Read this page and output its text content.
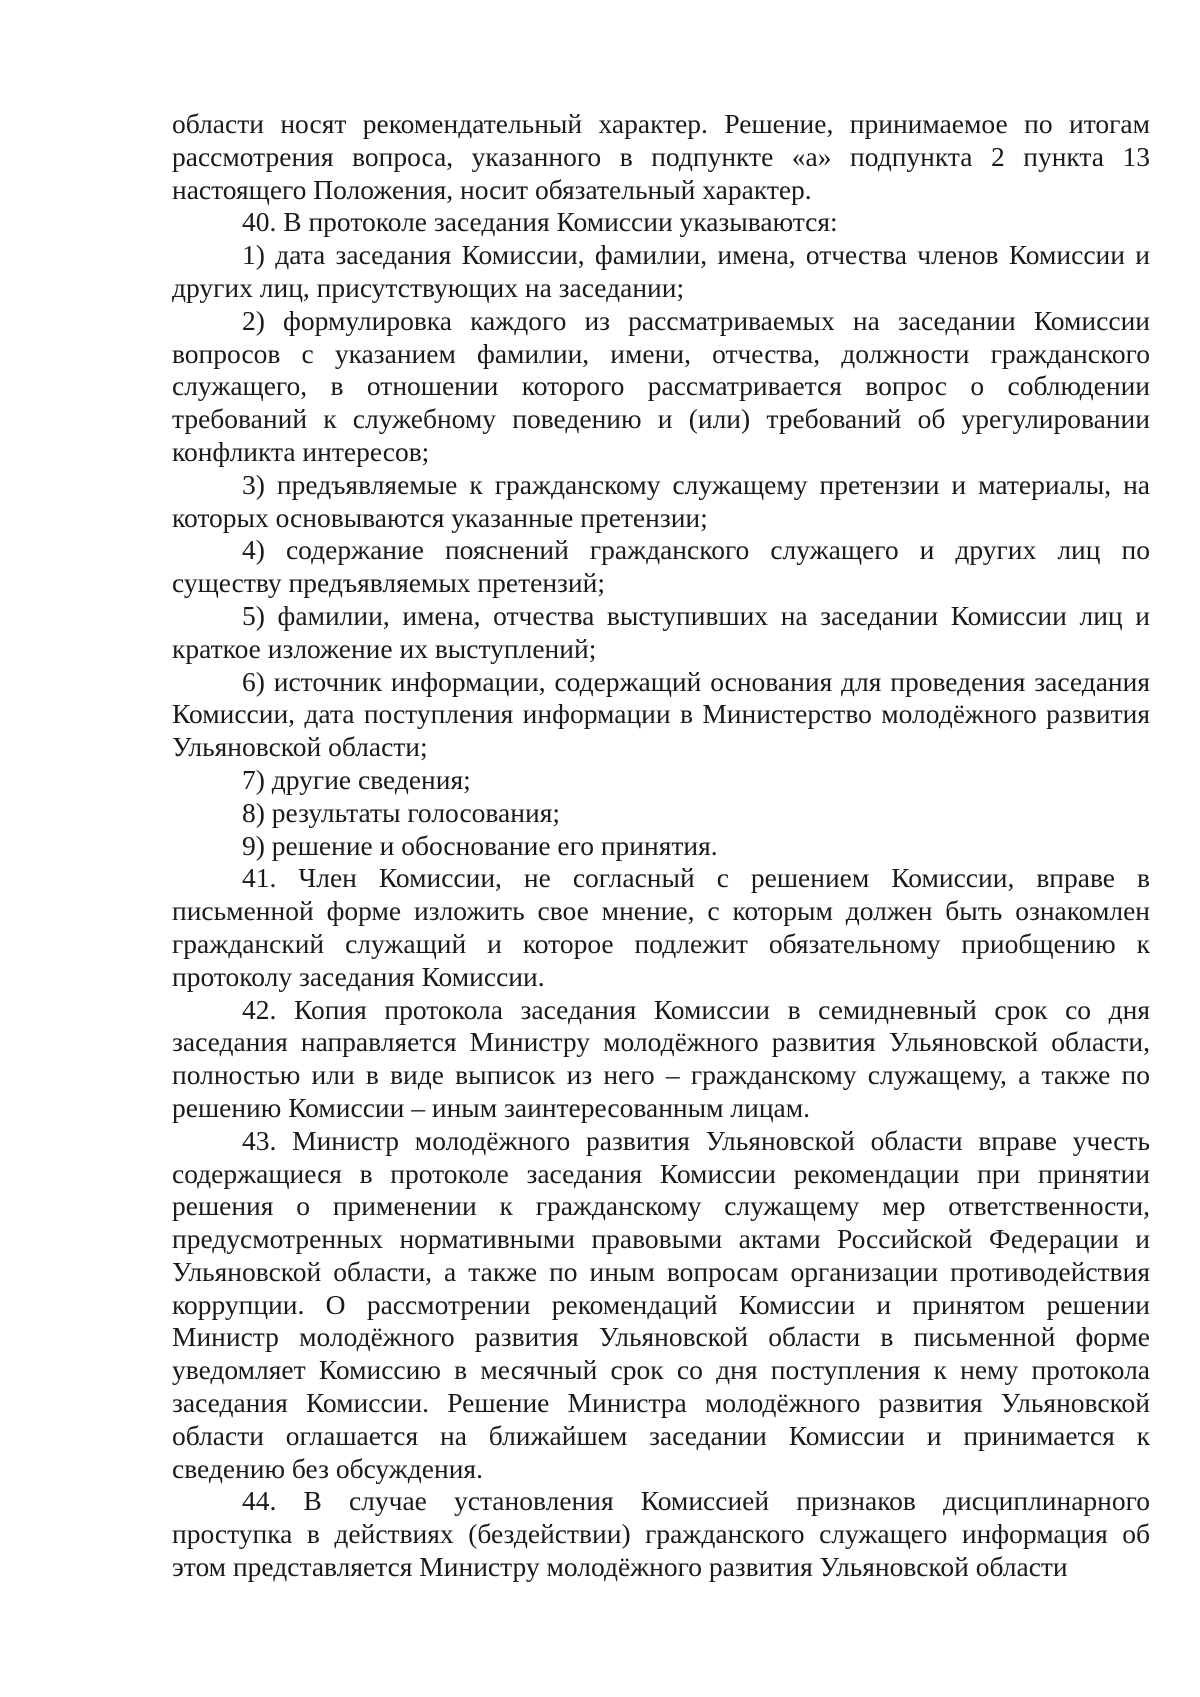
области носят рекомендательный характер. Решение, принимаемое по итогам рассмотрения вопроса, указанного в подпункте «а» подпункта 2 пункта 13 настоящего Положения, носит обязательный характер.

40. В протоколе заседания Комиссии указываются:

1) дата заседания Комиссии, фамилии, имена, отчества членов Комиссии и других лиц, присутствующих на заседании;

2) формулировка каждого из рассматриваемых на заседании Комиссии вопросов с указанием фамилии, имени, отчества, должности гражданского служащего, в отношении которого рассматривается вопрос о соблюдении требований к служебному поведению и (или) требований об урегулировании конфликта интересов;

3) предъявляемые к гражданскому служащему претензии и материалы, на которых основываются указанные претензии;

4) содержание пояснений гражданского служащего и других лиц по существу предъявляемых претензий;

5) фамилии, имена, отчества выступивших на заседании Комиссии лиц и краткое изложение их выступлений;

6) источник информации, содержащий основания для проведения заседания Комиссии, дата поступления информации в Министерство молодёжного развития Ульяновской области;

7) другие сведения;

8) результаты голосования;

9) решение и обоснование его принятия.

41. Член Комиссии, не согласный с решением Комиссии, вправе в письменной форме изложить свое мнение, с которым должен быть ознакомлен гражданский служащий и которое подлежит обязательному приобщению к протоколу заседания Комиссии.

42. Копия протокола заседания Комиссии в семидневный срок со дня заседания направляется Министру молодёжного развития Ульяновской области, полностью или в виде выписок из него – гражданскому служащему, а также по решению Комиссии – иным заинтересованным лицам.

43. Министр молодёжного развития Ульяновской области вправе учесть содержащиеся в протоколе заседания Комиссии рекомендации при принятии решения о применении к гражданскому служащему мер ответственности, предусмотренных нормативными правовыми актами Российской Федерации и Ульяновской области, а также по иным вопросам организации противодействия коррупции. О рассмотрении рекомендаций Комиссии и принятом решении Министр молодёжного развития Ульяновской области в письменной форме уведомляет Комиссию в месячный срок со дня поступления к нему протокола заседания Комиссии. Решение Министра молодёжного развития Ульяновской области оглашается на ближайшем заседании Комиссии и принимается к сведению без обсуждения.

44. В случае установления Комиссией признаков дисциплинарного проступка в действиях (бездействии) гражданского служащего информация об этом представляется Министру молодёжного развития Ульяновской области
